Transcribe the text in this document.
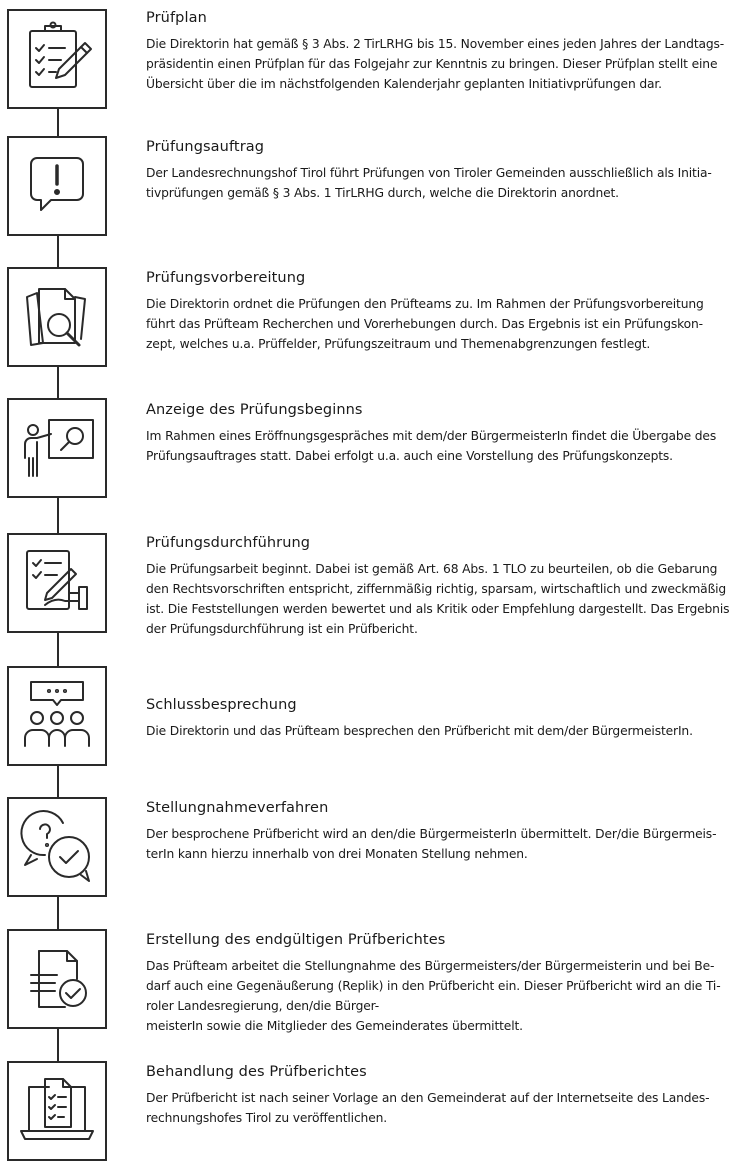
Prüfplan

Die Direktorin hat gemäß § 3 Abs. 2 TirLRHG bis 15. November eines jeden Jahres der Landtags-
präsidentin einen Prüfplan für das Folgejahr zur Kenntnis zu bringen. Dieser Prüfplan stellt eine
Übersicht über die im nächstfolgenden Kalenderjahr geplanten Initiativprüfungen dar.

Prüfungsauftrag

Der Landesrechnungshof Tirol führt Prüfungen von Tiroler Gemeinden ausschließlich als Initia-
tivprüfungen gemäß § 3 Abs. 1 TirLRHG durch, welche die Direktorin anordnet.

Prüfungsvorbereitung

Die Direktorin ordnet die Prüfungen den Prüfteams zu. Im Rahmen der Prüfungsvorbereitung
führt das Prüfteam Recherchen und Vorerhebungen durch. Das Ergebnis ist ein Prüfungskon-
zept, welches u.a. Prüffelder, Prüfungszeitraum und Themenabgrenzungen festlegt.

Anzeige des Prüfungsbeginns

Im Rahmen eines Eröffnungsgespräches mit dem/der BürgermeisterIn findet die Übergabe des
Prüfungsauftrages statt. Dabei erfolgt u.a. auch eine Vorstellung des Prüfungskonzepts.

Prüfungsdurchführung

Die Prüfungsarbeit beginnt. Dabei ist gemäß Art. 68 Abs. 1 TLO zu beurteilen, ob die Gebarung
den Rechtsvorschriften entspricht, ziffernmäßig richtig, sparsam, wirtschaftlich und zweckmäßig
ist. Die Feststellungen werden bewertet und als Kritik oder Empfehlung dargestellt. Das Ergebnis
der Prüfungsdurchführung ist ein Prüfbericht.

Schlussbesprechung

Die Direktorin und das Prüfteam besprechen den Prüfbericht mit dem/der BürgermeisterIn.

Stellungnahmeverfahren

Der besprochene Prüfbericht wird an den/die BürgermeisterIn übermittelt. Der/die Bürgermeis-
terIn kann hierzu innerhalb von drei Monaten Stellung nehmen.

Erstellung des endgültigen Prüfberichtes

Das Prüfteam arbeitet die Stellungnahme des Bürgermeisters/der Bürgermeisterin und bei Be-
darf auch eine Gegenäußerung (Replik) in den Prüfbericht ein. Dieser Prüfbericht wird an die Ti-
roler Landesregierung, den/die Bürger-
meisterIn sowie die Mitglieder des Gemeinderates übermittelt.

Behandlung des Prüfberichtes

Der Prüfbericht ist nach seiner Vorlage an den Gemeinderat auf der Internetseite des Landes-
rechnungshofes Tirol zu veröffentlichen.
